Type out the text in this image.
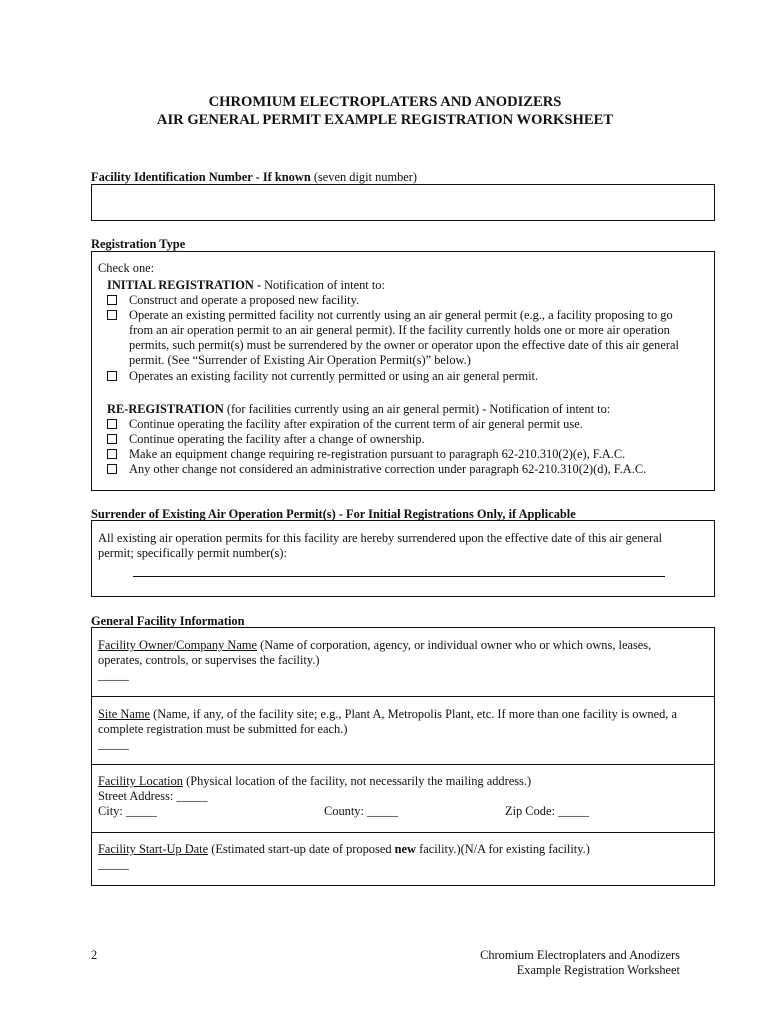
CHROMIUM ELECTROPLATERS AND ANODIZERS
AIR GENERAL PERMIT EXAMPLE REGISTRATION WORKSHEET
Facility Identification Number - If known (seven digit number)
Registration Type
Check one:
INITIAL REGISTRATION - Notification of intent to:
Construct and operate a proposed new facility.
Operate an existing permitted facility not currently using an air general permit (e.g., a facility proposing to go
from an air operation permit to an air general permit). If the facility currently holds one or more air operation
permits, such permit(s) must be surrendered by the owner or operator upon the effective date of this air general
permit. (See “Surrender of Existing Air Operation Permit(s)” below.)
Operates an existing facility not currently permitted or using an air general permit.
RE-REGISTRATION (for facilities currently using an air general permit) - Notification of intent to:
Continue operating the facility after expiration of the current term of air general permit use.
Continue operating the facility after a change of ownership.
Make an equipment change requiring re-registration pursuant to paragraph 62-210.310(2)(e), F.A.C.
Any other change not considered an administrative correction under paragraph 62-210.310(2)(d), F.A.C.
Surrender of Existing Air Operation Permit(s) - For Initial Registrations Only, if Applicable
All existing air operation permits for this facility are hereby surrendered upon the effective date of this air general
permit; specifically permit number(s):
General Facility Information
Facility Owner/Company Name (Name of corporation, agency, or individual owner who or which owns, leases,
operates, controls, or supervises the facility.)
_____
Site Name (Name, if any, of the facility site; e.g., Plant A, Metropolis Plant, etc. If more than one facility is owned, a
complete registration must be submitted for each.)
_____
Facility Location (Physical location of the facility, not necessarily the mailing address.)
Street Address: _____
City: _____	County: _____	Zip Code: _____
Facility Start-Up Date (Estimated start-up date of proposed new facility.)(N/A for existing facility.)
_____
2	Chromium Electroplaters and Anodizers
Example Registration Worksheet
